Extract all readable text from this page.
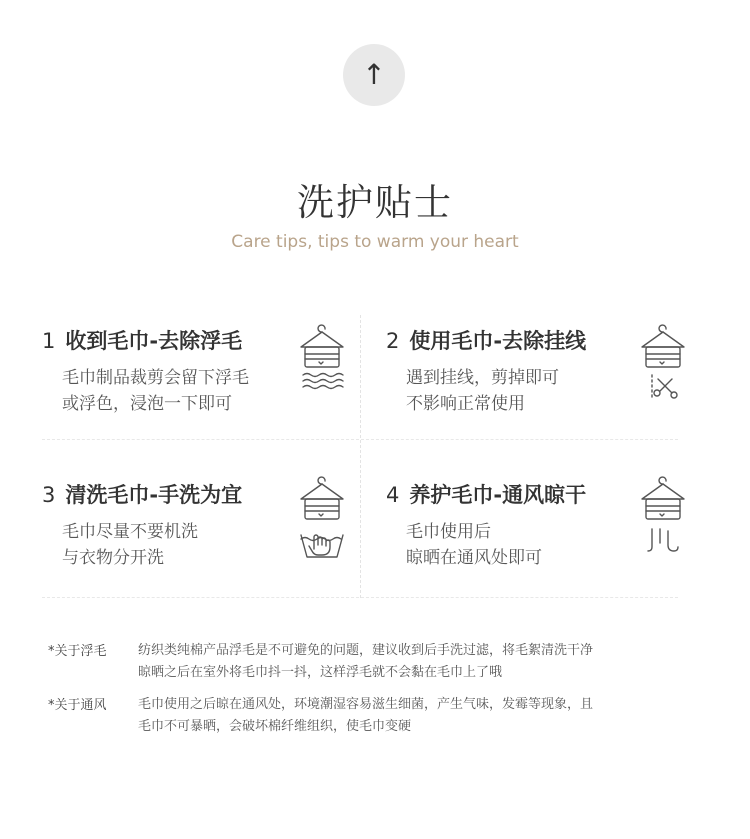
↑
洗护贴士
Care tips, tips to warm your heart
1 收到毛巾-去除浮毛
毛巾制品裁剪会留下浮毛
或浮色，浸泡一下即可
2 使用毛巾-去除挂线
遇到挂线，剪掉即可
不影响正常使用
3 清洗毛巾-手洗为宜
毛巾尽量不要机洗
与衣物分开洗
4 养护毛巾-通风晾干
毛巾使用后
晾晒在通风处即可
*关于浮毛	纺织类纯棉产品浮毛是不可避免的问题，建议收到后手洗过滤，将毛絮清洗干净
晾晒之后在室外将毛巾抖一抖，这样浮毛就不会黏在毛巾上了哦
*关于通风	毛巾使用之后晾在通风处，环境潮湿容易滋生细菌，产生气味，发霉等现象，且
毛巾不可暴晒，会破坏棉纤维组织，使毛巾变硬
